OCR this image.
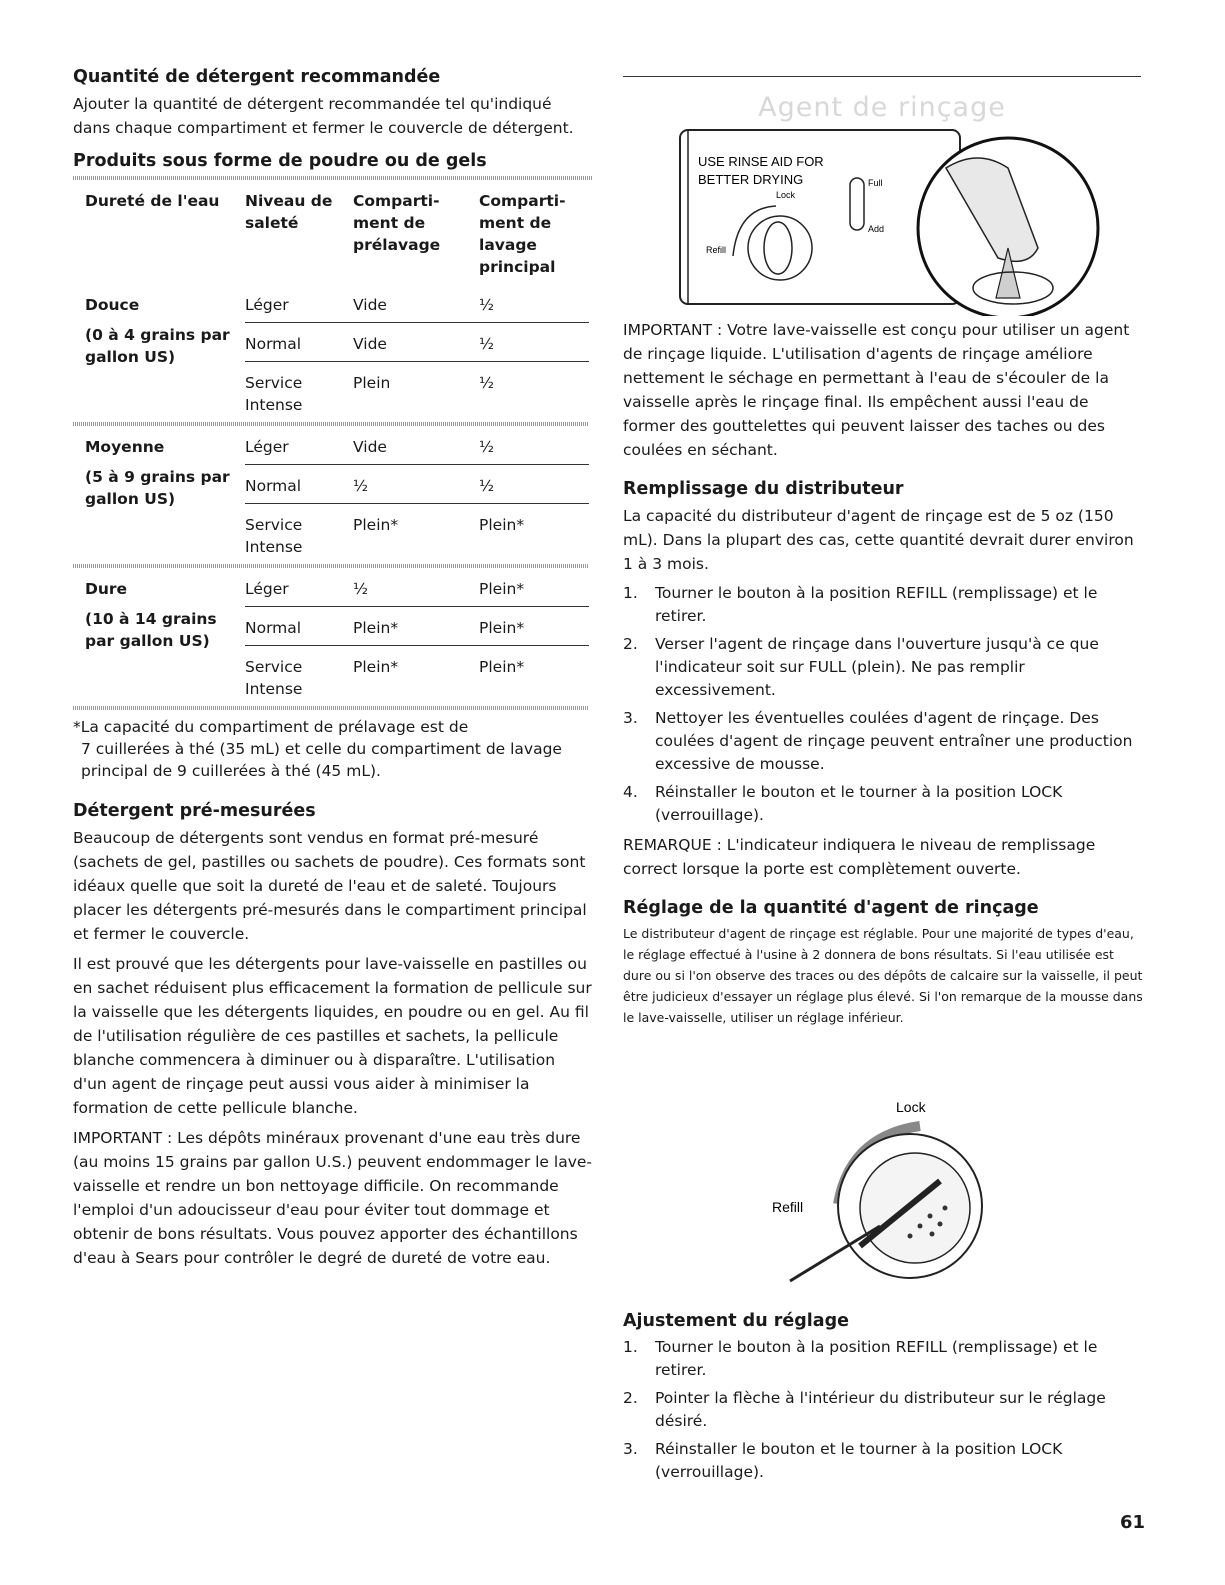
Quantité de détergent recommandée

Ajouter la quantité de détergent recommandée tel qu'indiqué dans chaque compartiment et fermer le couvercle de détergent.

Produits sous forme de poudre ou de gels
Dureté de l'eau	Niveau de saleté	Comparti- ment de prélavage	Comparti- ment de lavage principal
Douce
(0 à 4 grains par gallon US)	Léger	Vide	½
	Normal	Vide	½
	Service Intense	Plein	½

Moyenne
(5 à 9 grains par gallon US)	Léger	Vide	½
	Normal	½	½
	Service Intense	Plein*	Plein*

Dure
(10 à 14 grains par gallon US)	Léger	½	Plein*
	Normal	Plein*	Plein*
	Service Intense	Plein*	Plein*

*La capacité du compartiment de prélavage est de
7 cuillerées à thé (35 mL) et celle du compartiment de lavage principal de 9 cuillerées à thé (45 mL).
Détergent pré-mesurées

Beaucoup de détergents sont vendus en format pré-mesuré (sachets de gel, pastilles ou sachets de poudre). Ces formats sont idéaux quelle que soit la dureté de l'eau et de saleté. Toujours placer les détergents pré-mesurés dans le compartiment principal et fermer le couvercle.

Il est prouvé que les détergents pour lave-vaisselle en pastilles ou en sachet réduisent plus efficacement la formation de pellicule sur la vaisselle que les détergents liquides, en poudre ou en gel. Au fil de l'utilisation régulière de ces pastilles et sachets, la pellicule blanche commencera à diminuer ou à disparaître. L'utilisation d'un agent de rinçage peut aussi vous aider à minimiser la formation de cette pellicule blanche.

IMPORTANT : Les dépôts minéraux provenant d'une eau très dure (au moins 15 grains par gallon U.S.) peuvent endommager le lave-vaisselle et rendre un bon nettoyage difficile. On recommande l'emploi d'un adoucisseur d'eau pour éviter tout dommage et obtenir de bons résultats. Vous pouvez apporter des échantillons d'eau à Sears pour contrôler le degré de dureté de votre eau.

Agent de rinçage
USE RINSE AID FOR
BETTER DRYING
Lock
Refill
Full
Add

IMPORTANT : Votre lave-vaisselle est conçu pour utiliser un agent de rinçage liquide. L'utilisation d'agents de rinçage améliore nettement le séchage en permettant à l'eau de s'écouler de la vaisselle après le rinçage final. Ils empêchent aussi l'eau de former des gouttelettes qui peuvent laisser des taches ou des coulées en séchant.

Remplissage du distributeur

La capacité du distributeur d'agent de rinçage est de 5 oz (150 mL). Dans la plupart des cas, cette quantité devrait durer environ 1 à 3 mois.

1. Tourner le bouton à la position REFILL (remplissage) et le retirer.
2. Verser l'agent de rinçage dans l'ouverture jusqu'à ce que l'indicateur soit sur FULL (plein). Ne pas remplir excessivement.
3. Nettoyer les éventuelles coulées d'agent de rinçage. Des coulées d'agent de rinçage peuvent entraîner une production excessive de mousse.
4. Réinstaller le bouton et le tourner à la position LOCK (verrouillage).

REMARQUE : L'indicateur indiquera le niveau de remplissage correct lorsque la porte est complètement ouverte.

Réglage de la quantité d'agent de rinçage

Le distributeur d'agent de rinçage est réglable. Pour une majorité de types d'eau, le réglage effectué à l'usine à 2 donnera de bons résultats. Si l'eau utilisée est dure ou si l'on observe des traces ou des dépôts de calcaire sur la vaisselle, il peut être judicieux d'essayer un réglage plus élevé. Si l'on remarque de la mousse dans le lave-vaisselle, utiliser un réglage inférieur.

Lock
Refill
Ajustement du réglage
1. Tourner le bouton à la position REFILL (remplissage) et le retirer.
2. Pointer la flèche à l'intérieur du distributeur sur le réglage désiré.
3. Réinstaller le bouton et le tourner à la position LOCK (verrouillage).
61
